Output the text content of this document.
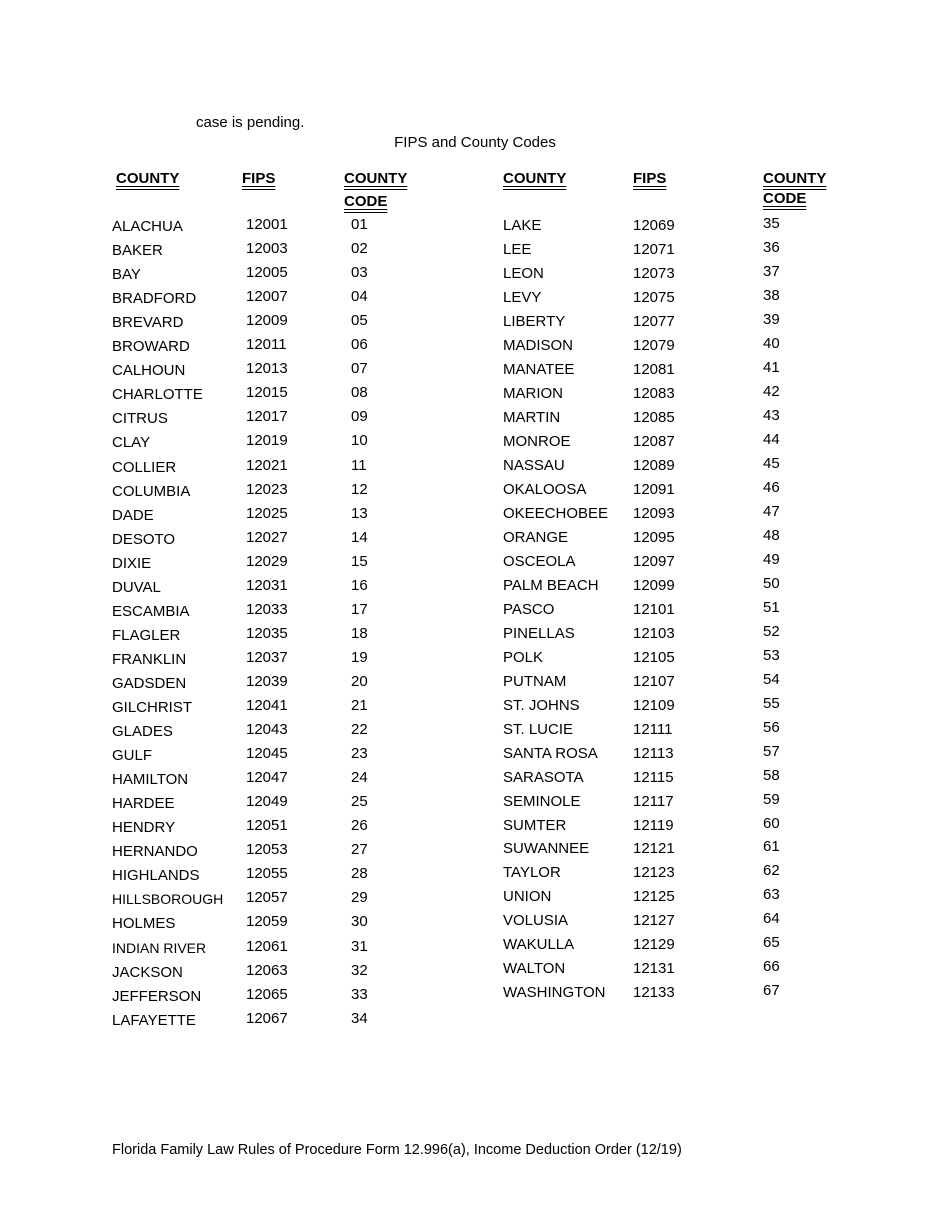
case is pending.
FIPS and County Codes
COUNTY	FIPS	COUNTY
CODE
COUNTY	FIPS	COUNTY
CODE
ALACHUA	12001	01
BAKER	12003	02
BAY	12005	03
BRADFORD	12007	04
BREVARD	12009	05
BROWARD	12011	06
CALHOUN	12013	07
CHARLOTTE	12015	08
CITRUS	12017	09
CLAY	12019	10
COLLIER	12021	11
COLUMBIA	12023	12
DADE	12025	13
DESOTO	12027	14
DIXIE	12029	15
DUVAL	12031	16
ESCAMBIA	12033	17
FLAGLER	12035	18
FRANKLIN	12037	19
GADSDEN	12039	20
GILCHRIST	12041	21
GLADES	12043	22
GULF	12045	23
HAMILTON	12047	24
HARDEE	12049	25
HENDRY	12051	26
HERNANDO	12053	27
HIGHLANDS	12055	28
HILLSBOROUGH 12057	29
HOLMES	12059	30
INDIAN RIVER	12061	31
JACKSON	12063	32
JEFFERSON	12065	33
LAFAYETTE	12067	34
LAKE	12069	35
LEE	12071	36
LEON	12073	37
LEVY	12075	38
LIBERTY	12077	39
MADISON	12079	40
MANATEE	12081	41
MARION	12083	42
MARTIN	12085	43
MONROE	12087	44
NASSAU	12089	45
OKALOOSA	12091	46
OKEECHOBEE 12093	47
ORANGE	12095	48
OSCEOLA	12097	49
PALM BEACH 12099	50
PASCO	12101	51
PINELLAS	12103	52
POLK	12105	53
PUTNAM	12107	54
ST. JOHNS	12109	55
ST. LUCIE	12111	56
SANTA ROSA 12113	57
SARASOTA	12115	58
SEMINOLE	12117	59
SUMTER	12119	60
SUWANNEE	12121	61
TAYLOR	12123	62
UNION	12125	63
VOLUSIA	12127	64
WAKULLA	12129	65
WALTON	12131	66
WASHINGTON 12133	67
Florida Family Law Rules of Procedure Form 12.996(a), Income Deduction Order (12/19)
